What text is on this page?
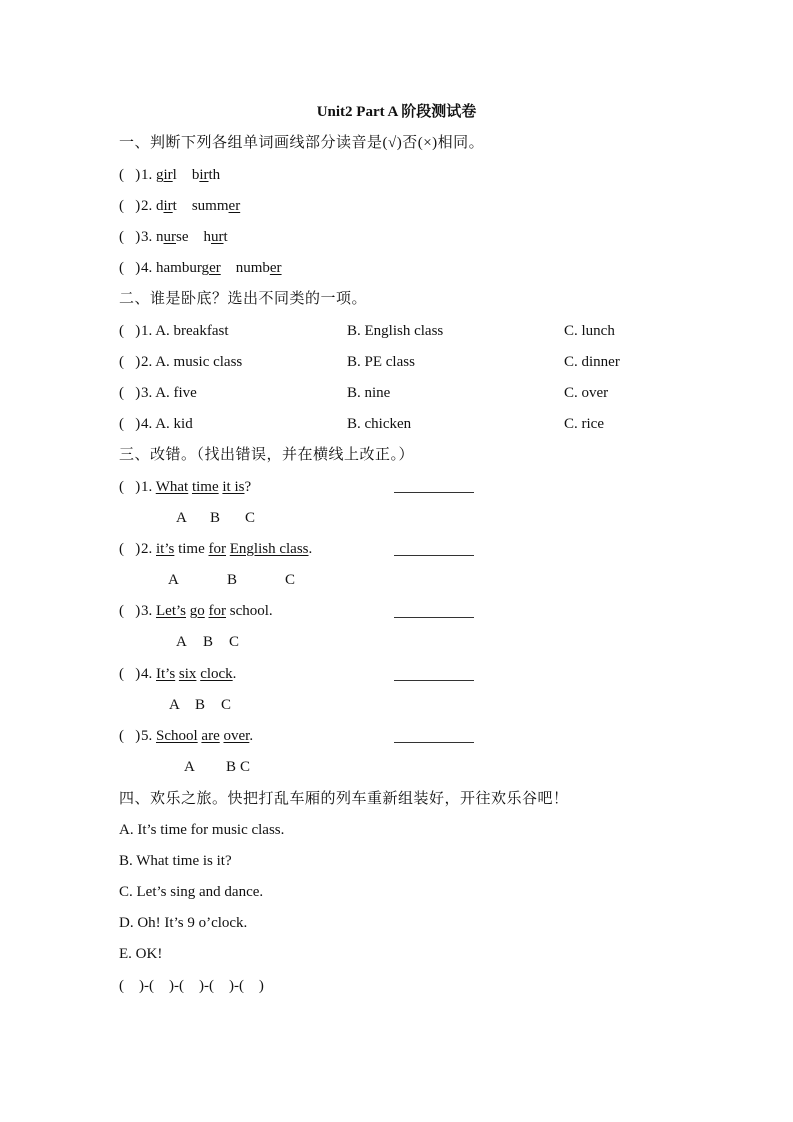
Unit2 Part A 阶段测试卷
一、判断下列各组单词画线部分读音是(√)否(×)相同。
(   )1. girl birth
(   )2. dirt summer
(   )3. nurse hurt
(   )4. hamburger number
二、谁是卧底？选出不同类的一项。
(   )1. A. breakfast	B. English class	C. lunch
(   )2. A. music class	B. PE class	C. dinner
(   )3. A. five	B. nine	C. over
(   )4. A. kid	B. chicken	C. rice
三、改错。（找出错误，并在横线上改正。）
(   )1. What time it is?
A B C
(   )2. it’s time for English class.
A	B	C
(   )3. Let’s go for school.
A B C
(   )4. It’s six clock.
A B C
(   )5. School are over.
A B C
四、欢乐之旅。快把打乱车厢的列车重新组装好，开往欢乐谷吧！
A. It’s time for music class.
B. What time is it?
C. Let’s sing and dance.
D. Oh! It’s 9 o’clock.
E. OK!
(    )-(    )-(    )-(    )-(    )
